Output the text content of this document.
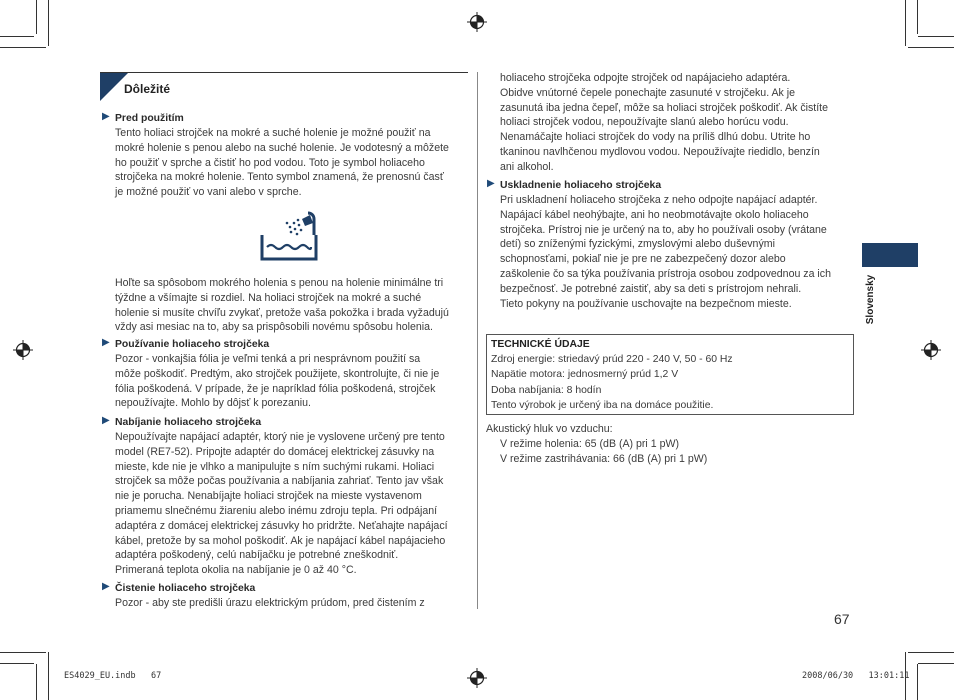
Dôležité
▶ Pred použitím
Tento holiaci strojček na mokré a suché holenie je možné použiť na
mokré holenie s penou alebo na suché holenie. Je vodotesný a môžete
ho použiť v sprche a čistiť ho pod vodou. Toto je symbol holiaceho
strojčeka na mokré holenie. Tento symbol znamená, že prenosnú časť
je možné použiť vo vani alebo v sprche.
Hoľte sa spôsobom mokrého holenia s penou na holenie minimálne tri
týždne a všímajte si rozdiel. Na holiaci strojček na mokré a suché
holenie si musíte chvíľu zvykať, pretože vaša pokožka i brada vyžadujú
vždy asi mesiac na to, aby sa prispôsobili novému spôsobu holenia.
▶ Používanie holiaceho strojčeka
Pozor - vonkajšia fólia je veľmi tenká a pri nesprávnom použití sa
môže poškodiť. Predtým, ako strojček použijete, skontrolujte, či nie je
fólia poškodená. V prípade, že je napríklad fólia poškodená, strojček
nepoužívajte. Mohlo by dôjsť k porezaniu.
▶ Nabíjanie holiaceho strojčeka
Nepoužívajte napájací adaptér, ktorý nie je vyslovene určený pre tento
model (RE7-52). Pripojte adaptér do domácej elektrickej zásuvky na
mieste, kde nie je vlhko a manipulujte s ním suchými rukami. Holiaci
strojček sa môže počas používania a nabíjania zahriať. Tento jav však
nie je porucha. Nenabíjajte holiaci strojček na mieste vystavenom
priamemu slnečnému žiareniu alebo inému zdroju tepla. Pri odpájaní
adaptéra z domácej elektrickej zásuvky ho pridržte. Neťahajte napájací
kábel, pretože by sa mohol poškodiť. Ak je napájací kábel napájacieho
adaptéra poškodený, celú nabíjačku je potrebné zneškodniť.
Primeraná teplota okolia na nabíjanie je 0 až 40 °C.
▶ Čistenie holiaceho strojčeka
Pozor - aby ste predišli úrazu elektrickým prúdom, pred čistením z
holiaceho strojčeka odpojte strojček od napájacieho adaptéra.
Obidve vnútorné čepele ponechajte zasunuté v strojčeku. Ak je
zasunutá iba jedna čepeľ, môže sa holiaci strojček poškodiť. Ak čistíte
holiaci strojček vodou, nepoužívajte slanú alebo horúcu vodu.
Nenamáčajte holiaci strojček do vody na príliš dlhú dobu. Utrite ho
tkaninou navlhčenou mydlovou vodou. Nepoužívajte riedidlo, benzín
ani alkohol.
▶ Uskladnenie holiaceho strojčeka
Pri uskladnení holiaceho strojčeka z neho odpojte napájací adaptér.
Napájací kábel neohýbajte, ani ho neobmotávajte okolo holiaceho
strojčeka. Prístroj nie je určený na to, aby ho používali osoby (vrátane
detí) so zníženými fyzickými, zmyslovými alebo duševnými
schopnosťami, pokiaľ nie je pre ne zabezpečený dozor alebo
zaškolenie čo sa týka používania prístroja osobou zodpovednou za ich
bezpečnosť. Je potrebné zaistiť, aby sa deti s prístrojom nehrali.
Tieto pokyny na používanie uschovajte na bezpečnom mieste.
TECHNICKÉ ÚDAJE
Zdroj energie: striedavý prúd 220 - 240 V, 50 - 60 Hz
Napätie motora: jednosmerný prúd 1,2 V
Doba nabíjania: 8 hodín
Tento výrobok je určený iba na domáce použitie.
Akustický hluk vo vzduchu:
V režime holenia: 65 (dB (A) pri 1 pW)
V režime zastrihávania: 66 (dB (A) pri 1 pW)
Slovensky
67
ES4029_EU.indb   67	2008/06/30   13:01:11
